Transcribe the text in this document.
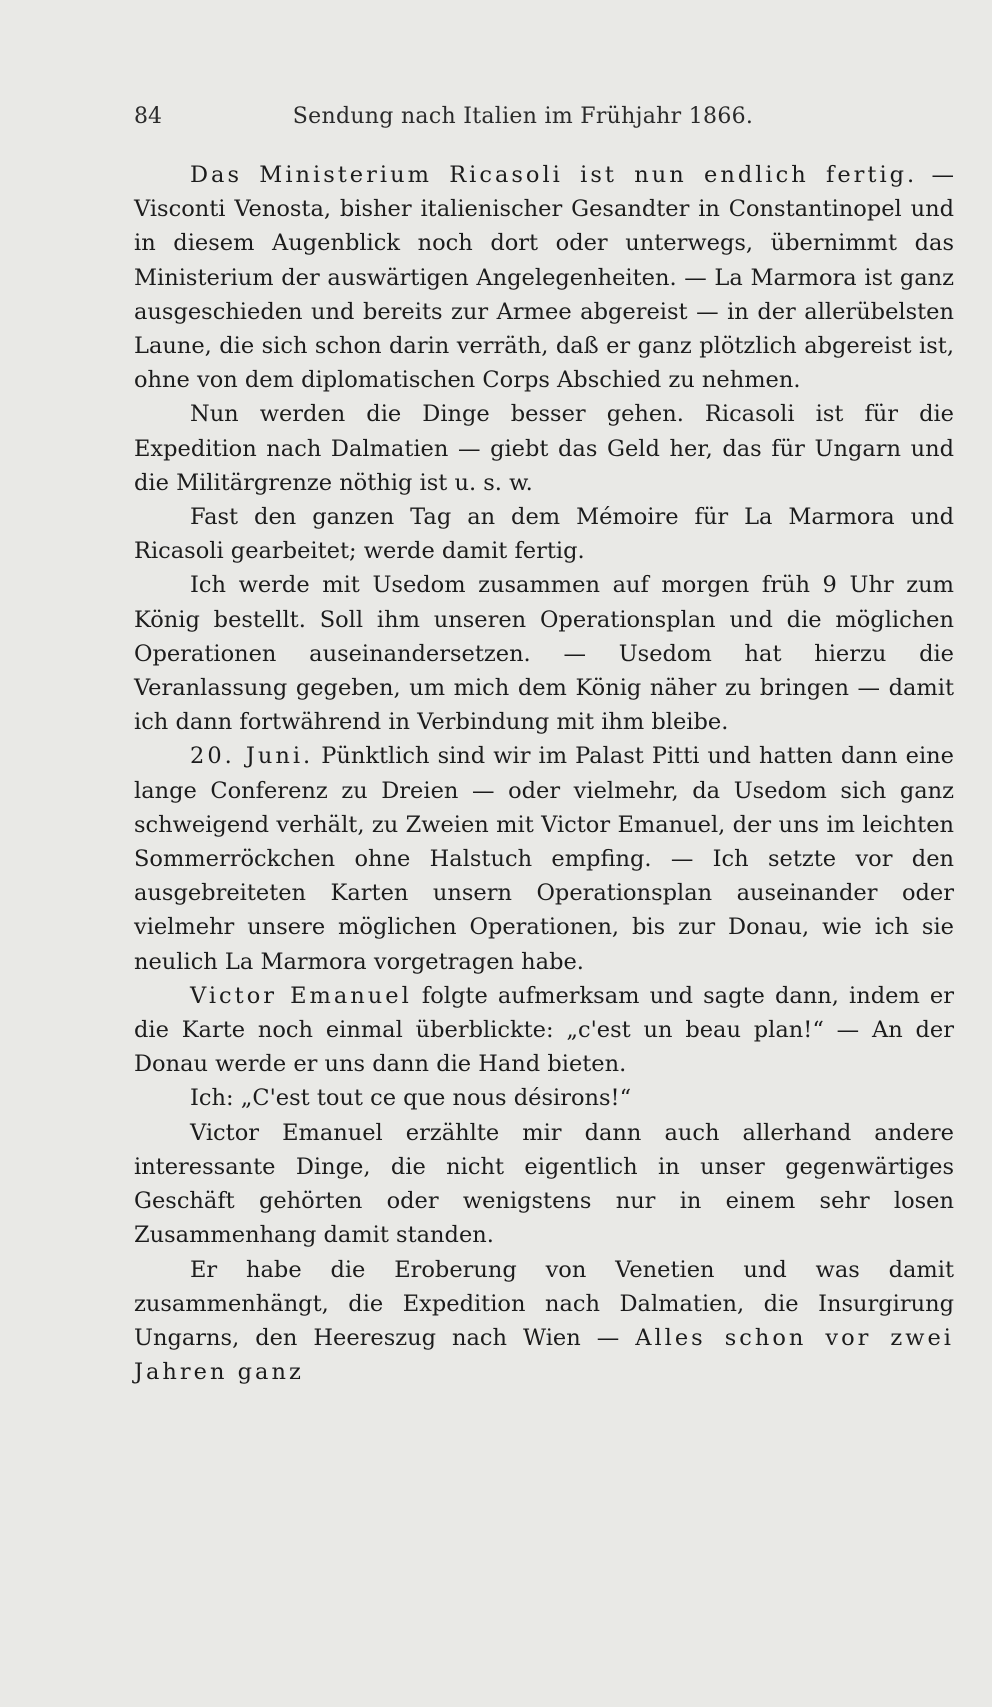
84	Sendung nach Italien im Frühjahr 1866.

Das Ministerium Ricasoli ist nun endlich fertig. — Visconti Venosta, bisher italienischer Gesandter in Constantinopel und in diesem Augenblick noch dort oder unterwegs, übernimmt das Ministerium der auswärtigen Angelegenheiten. — La Marmora ist ganz ausgeschieden und bereits zur Armee abgereist — in der allerübelsten Laune, die sich schon darin verräth, daß er ganz plötzlich abgereist ist, ohne von dem diplomatischen Corps Abschied zu nehmen.

Nun werden die Dinge besser gehen. Ricasoli ist für die Expedition nach Dalmatien — giebt das Geld her, das für Ungarn und die Militärgrenze nöthig ist u. s. w.

Fast den ganzen Tag an dem Mémoire für La Marmora und Ricasoli gearbeitet; werde damit fertig.

Ich werde mit Usedom zusammen auf morgen früh 9 Uhr zum König bestellt. Soll ihm unseren Operationsplan und die möglichen Operationen auseinandersetzen. — Usedom hat hierzu die Veranlassung gegeben, um mich dem König näher zu bringen — damit ich dann fortwährend in Verbindung mit ihm bleibe.

20. Juni. Pünktlich sind wir im Palast Pitti und hatten dann eine lange Conferenz zu Dreien — oder vielmehr, da Usedom sich ganz schweigend verhält, zu Zweien mit Victor Emanuel, der uns im leichten Sommerröckchen ohne Halstuch empfing. — Ich setzte vor den ausgebreiteten Karten unsern Operationsplan auseinander oder vielmehr unsere möglichen Operationen, bis zur Donau, wie ich sie neulich La Marmora vorgetragen habe.

Victor Emanuel folgte aufmerksam und sagte dann, indem er die Karte noch einmal überblickte: „c'est un beau plan!“ — An der Donau werde er uns dann die Hand bieten.

Ich: „C'est tout ce que nous désirons!“

Victor Emanuel erzählte mir dann auch allerhand andere interessante Dinge, die nicht eigentlich in unser gegenwärtiges Geschäft gehörten oder wenigstens nur in einem sehr losen Zusammenhang damit standen.

Er habe die Eroberung von Venetien und was damit zusammenhängt, die Expedition nach Dalmatien, die Insurgirung Ungarns, den Heereszug nach Wien — Alles schon vor zwei Jahren ganz
